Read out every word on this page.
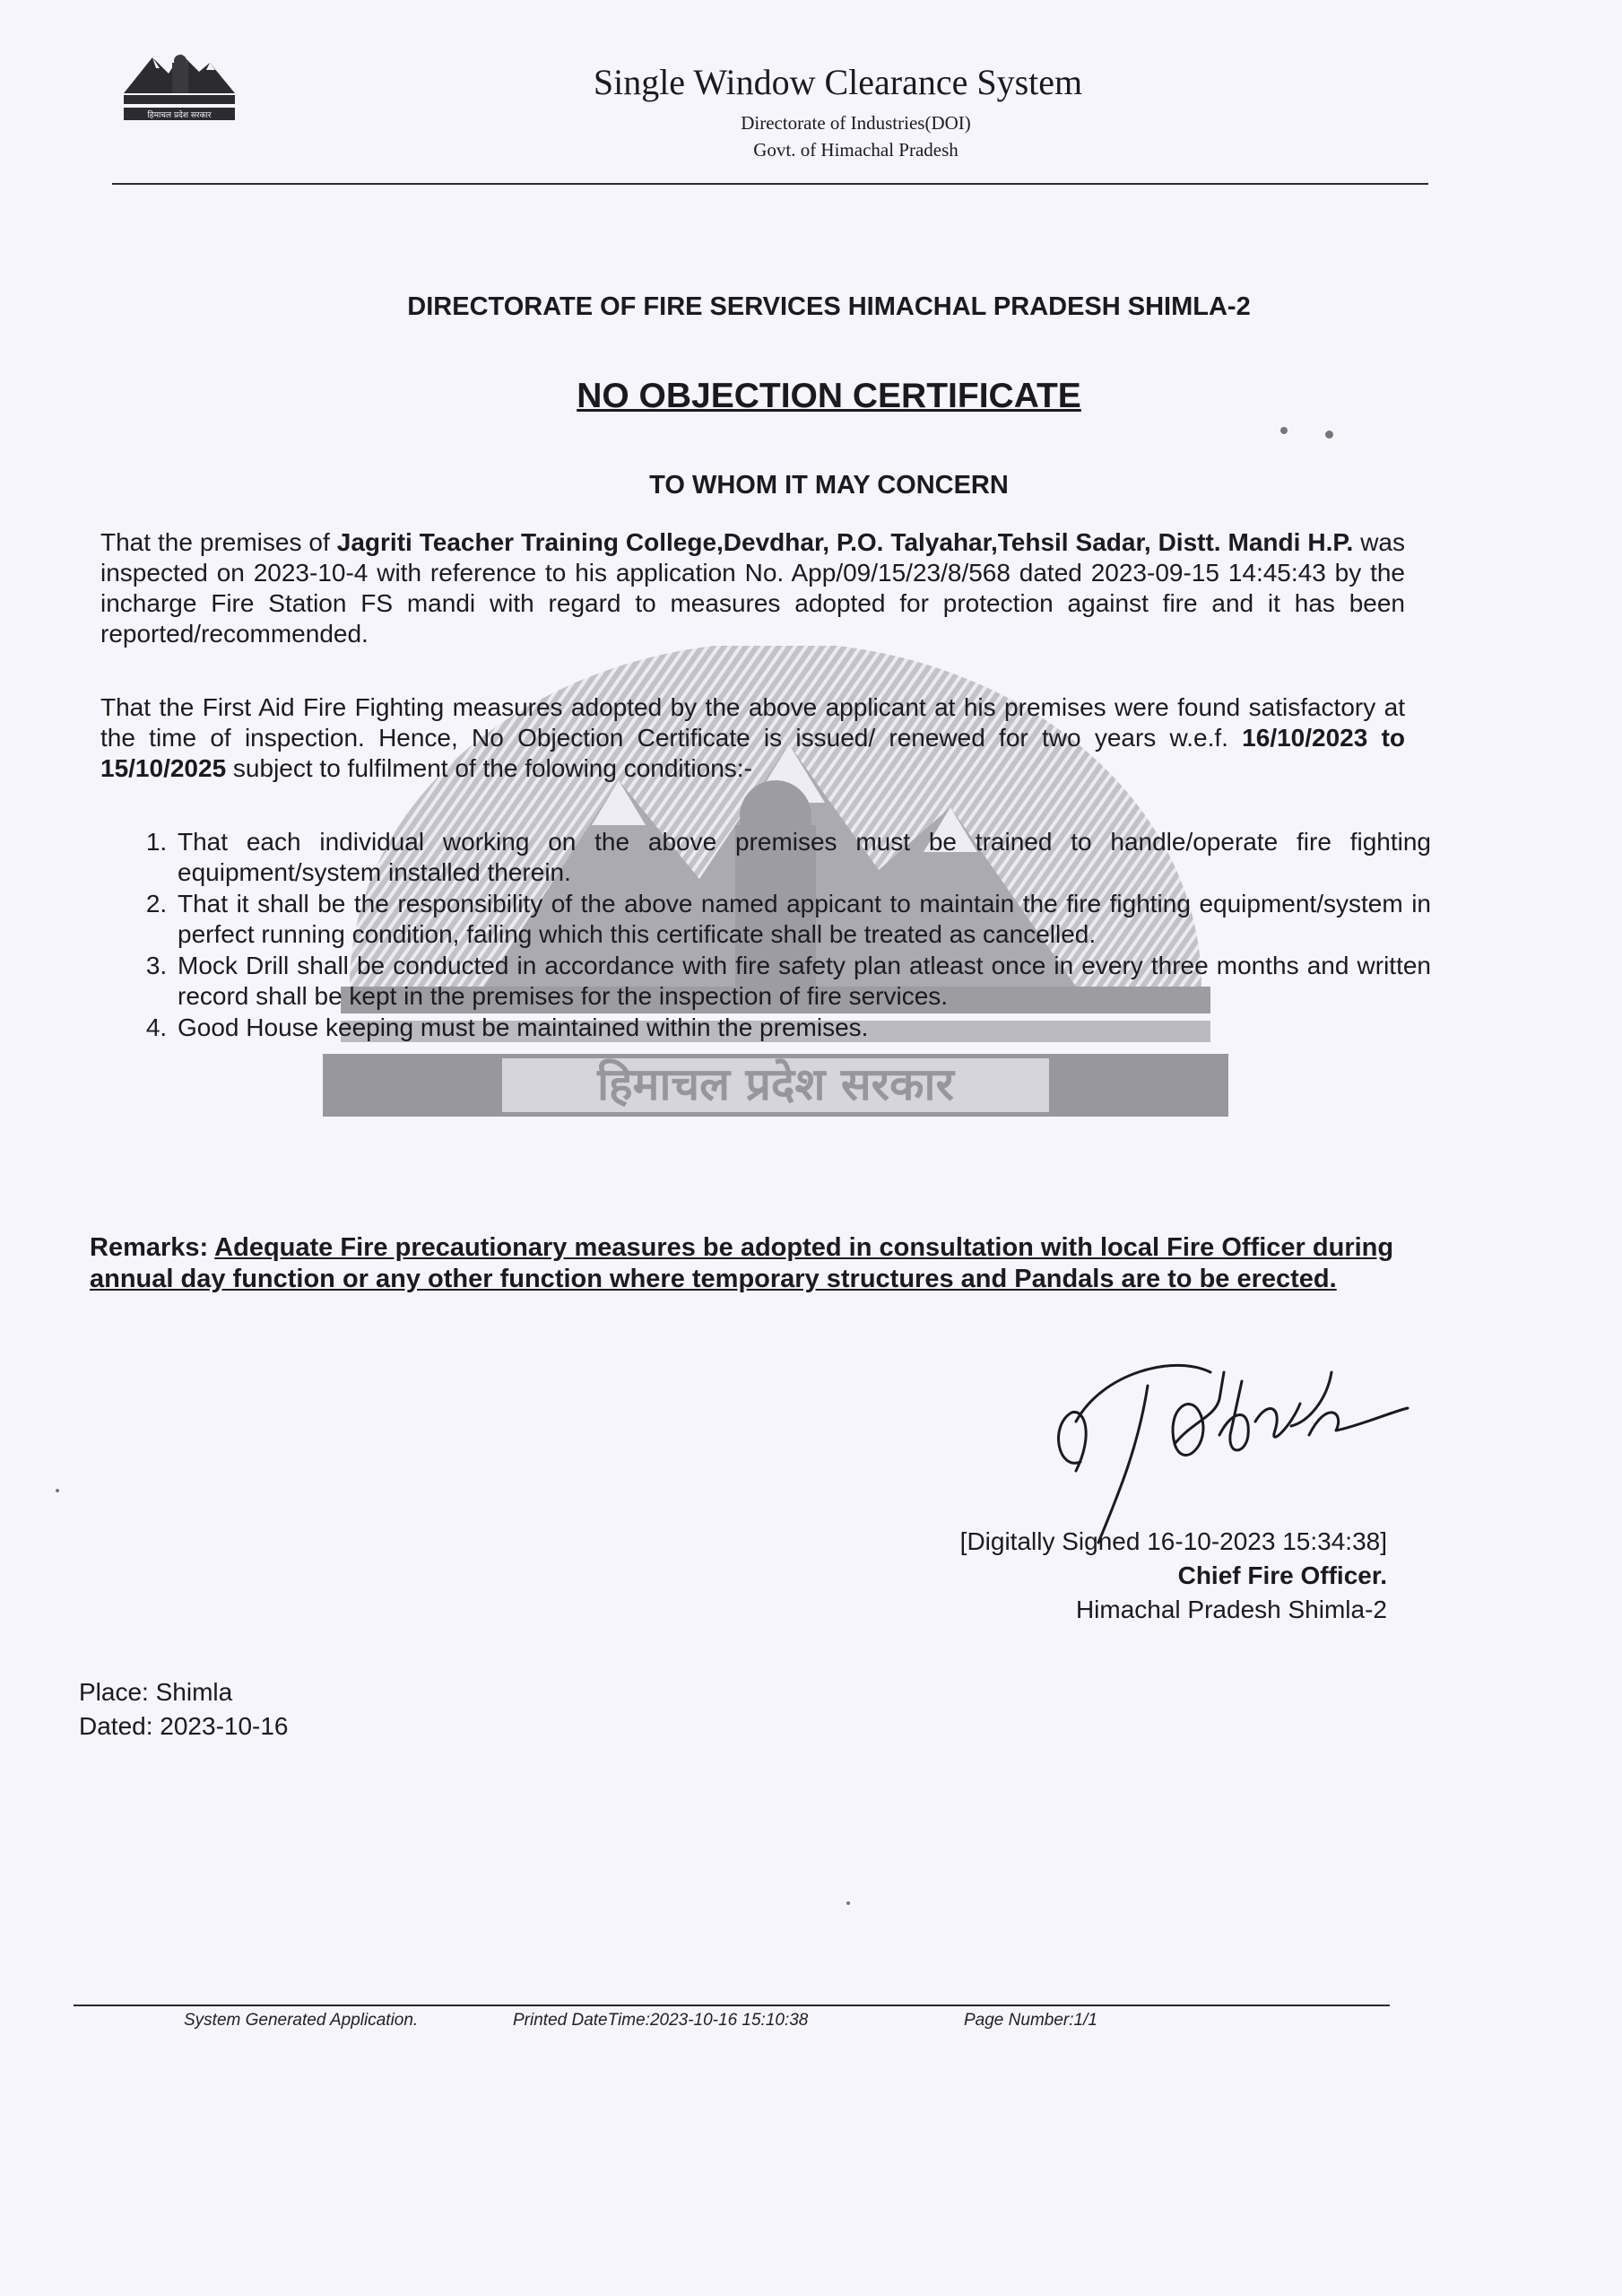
हिमाचल प्रदेश सरकार
Single Window Clearance System
Directorate of Industries(DOI)
Govt. of Himachal Pradesh
हिमाचल प्रदेश सरकार
DIRECTORATE OF FIRE SERVICES HIMACHAL PRADESH SHIMLA-2
NO OBJECTION CERTIFICATE
TO WHOM IT MAY CONCERN
That the premises of Jagriti Teacher Training College,Devdhar, P.O. Talyahar,Tehsil Sadar, Distt. Mandi H.P. was inspected on 2023-10-4 with reference to his application No. App/09/15/23/8/568 dated 2023-09-15 14:45:43 by the incharge Fire Station FS mandi with regard to measures adopted for protection against fire and it has been reported/recommended.
That the First Aid Fire Fighting measures adopted by the above applicant at his premises were found satisfactory at the time of inspection. Hence, No Objection Certificate is issued/ renewed for two years w.e.f. 16/10/2023 to 15/10/2025 subject to fulfilment of the folowing conditions:-
1. That each individual working on the above premises must be trained to handle/operate fire fighting equipment/system installed therein.
2. That it shall be the responsibility of the above named appicant to maintain the fire fighting equipment/system in perfect running condition, failing which this certificate shall be treated as cancelled.
3. Mock Drill shall be conducted in accordance with fire safety plan atleast once in every three months and written record shall be kept in the premises for the inspection of fire services.
4. Good House keeping must be maintained within the premises.
Remarks: Adequate Fire precautionary measures be adopted in consultation with local Fire Officer during annual day function or any other function where temporary structures and Pandals are to be erected.
[Digitally Signed 16-10-2023 15:34:38]
Chief Fire Officer.
Himachal Pradesh Shimla-2
Place: Shimla
Dated: 2023-10-16
System Generated Application.	Printed DateTime:2023-10-16 15:10:38	Page Number:1/1
